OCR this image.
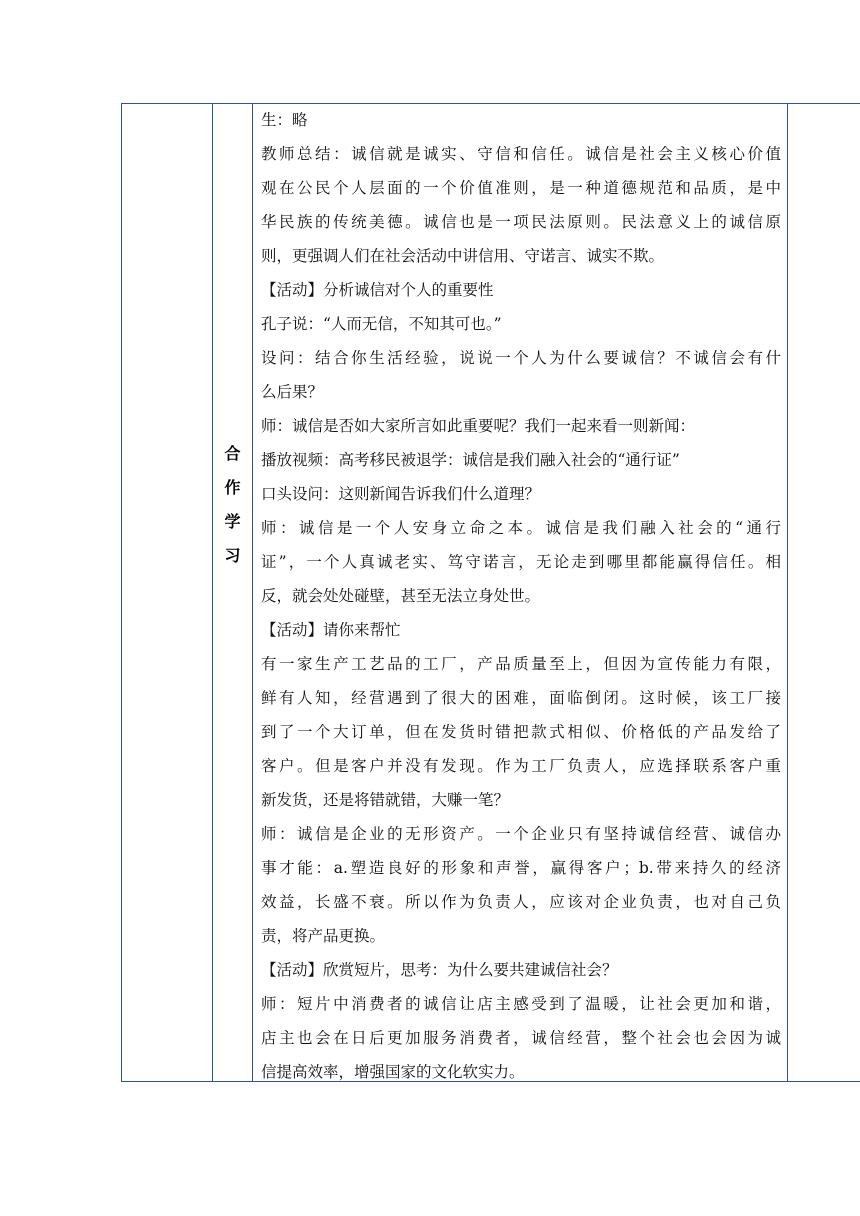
合
作
学
习
生：略
教师总结：诚信就是诚实、守信和信任。诚信是社会主义核心价值
观在公民个人层面的一个价值准则，是一种道德规范和品质，是中
华民族的传统美德。诚信也是一项民法原则。民法意义上的诚信原
则，更强调人们在社会活动中讲信用、守诺言、诚实不欺。
【活动】分析诚信对个人的重要性
孔子说：“人而无信，不知其可也。”
设问：结合你生活经验，说说一个人为什么要诚信？不诚信会有什
么后果？
师：诚信是否如大家所言如此重要呢？我们一起来看一则新闻：
播放视频：高考移民被退学：诚信是我们融入社会的“通行证”
口头设问：这则新闻告诉我们什么道理？
师：诚信是一个人安身立命之本。诚信是我们融入社会的“通行
证”，一个人真诚老实、笃守诺言，无论走到哪里都能赢得信任。相
反，就会处处碰壁，甚至无法立身处世。
【活动】请你来帮忙
有一家生产工艺品的工厂，产品质量至上，但因为宣传能力有限，
鲜有人知，经营遇到了很大的困难，面临倒闭。这时候，该工厂接
到了一个大订单，但在发货时错把款式相似、价格低的产品发给了
客户。但是客户并没有发现。作为工厂负责人，应选择联系客户重
新发货，还是将错就错，大赚一笔？
师：诚信是企业的无形资产。一个企业只有坚持诚信经营、诚信办
事才能：a.塑造良好的形象和声誉，赢得客户；b.带来持久的经济
效益，长盛不衰。所以作为负责人，应该对企业负责，也对自己负
责，将产品更换。
【活动】欣赏短片，思考：为什么要共建诚信社会？
师：短片中消费者的诚信让店主感受到了温暖，让社会更加和谐，
店主也会在日后更加服务消费者，诚信经营，整个社会也会因为诚
信提高效率，增强国家的文化软实力。
